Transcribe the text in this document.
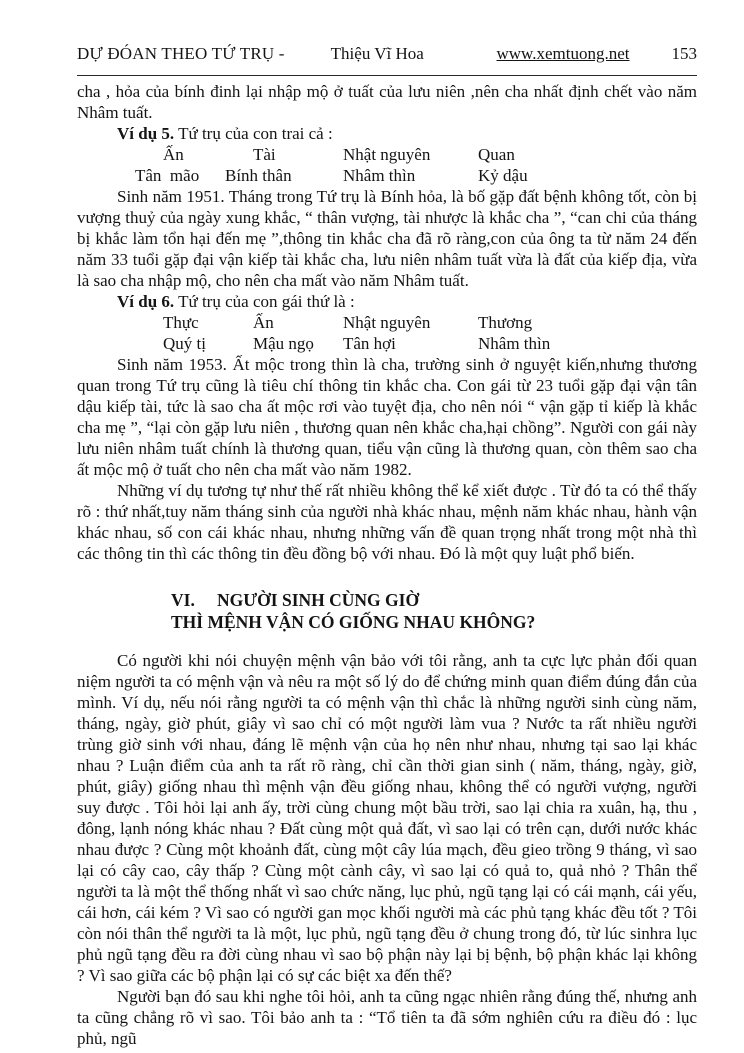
DỰ ĐÓAN THEO TỨ TRỤ -	Thiệu Vĩ Hoa	www.xemtuong.net 153

cha , hỏa của bính đinh lại nhập mộ ở tuất của lưu niên ,nên cha nhất định chết vào năm Nhâm tuất.

Ví dụ 5. Tứ trụ của con trai cả :

Ấn	Tài	Nhật nguyên	Quan
Tân  mão	Bính thân	Nhâm thìn	Kỷ dậu

Sinh năm 1951. Tháng trong Tứ trụ là Bính hỏa, là bố gặp đất bệnh không tốt, còn bị vượng thuỷ của ngày xung khắc, “ thân vượng, tài nhược là khắc cha ”, “can chi của tháng bị khắc làm tổn hại đến mẹ ”,thông tin khắc cha đã rõ ràng,con của ông ta từ năm 24 đến năm 33 tuổi gặp đại vận kiếp tài khắc cha, lưu niên nhâm tuất vừa là đất của kiếp địa, vừa là sao cha nhập mộ, cho nên cha mất vào năm Nhâm tuất.

Ví dụ 6. Tứ trụ của con gái thứ là :

Thực	Ấn	Nhật nguyên	Thương
Quý tị	Mậu ngọ	Tân hợi	Nhâm thìn

Sinh năm 1953. Ất mộc trong thìn là cha, trường sinh ở nguyệt kiến,nhưng thương quan trong Tứ trụ cũng là tiêu chí thông tin khắc cha. Con gái từ 23 tuổi gặp đại vận tân dậu kiếp tài, tức là sao cha ất mộc rơi vào tuyệt địa, cho nên nói “ vận gặp tỉ kiếp là khắc cha mẹ ”, “lại còn gặp lưu niên , thương quan nên khắc cha,hại chồng”. Người con gái này lưu niên nhâm tuất chính là thương quan, tiểu vận cũng là thương quan, còn thêm sao cha ất mộc mộ ở tuất cho nên cha mất vào năm 1982.

Những ví dụ tương tự như thế rất nhiều không thể kể xiết được . Từ đó ta có thể thấy rõ : thứ nhất,tuy năm tháng sinh của người nhà khác nhau, mệnh năm khác nhau, hành vận khác nhau, số con cái khác nhau, nhưng những vấn đề quan trọng nhất trong một nhà thì các thông tin thì các thông tin đều đồng bộ với nhau. Đó là một quy luật phổ biến.

VI. NGƯỜI SINH CÙNG GIỜ
THÌ MỆNH VẬN CÓ GIỐNG NHAU KHÔNG?

Có người khi nói chuyện mệnh vận bảo với tôi rằng, anh ta cực lực phản đối quan niệm người ta có mệnh vận và nêu ra một số lý do để chứng minh quan điểm đúng đắn của mình. Ví dụ, nếu nói rằng người ta có mệnh vận thì chắc là những người sinh cùng năm, tháng, ngày, giờ phút, giây vì sao chỉ có một người làm vua ? Nước ta rất nhiều người trùng giờ sinh với nhau, đáng lẽ mệnh vận của họ nên như nhau, nhưng tại sao lại khác nhau ? Luận điểm của anh ta rất rõ ràng, chỉ cần thời gian sinh ( năm, tháng, ngày, giờ, phút, giây) giống nhau thì mệnh vận đều giống nhau, không thể có người vượng, người suy được . Tôi hỏi lại anh ấy, trời cùng chung một bầu trời, sao lại chia ra xuân, hạ, thu , đông, lạnh nóng khác nhau ? Đất cùng một quả đất, vì sao lại có trên cạn, dưới nước khác nhau được ? Cùng một khoảnh đất, cùng một cây lúa mạch, đều gieo trồng 9 tháng, vì sao lại có cây cao, cây thấp ? Cùng một cành cây, vì sao lại có quả to, quả nhỏ ? Thân thể người ta là một thể thống nhất vì sao chức năng, lục phủ, ngũ tạng lại có cái mạnh, cái yếu, cái hơn, cái kém ? Vì sao có người gan mọc khối người mà các phủ tạng khác đều tốt ? Tôi còn nói thân thể người ta là một, lục phủ, ngũ tạng đều ở chung trong đó, từ lúc sinhra lục phủ ngũ tạng đều ra đời cùng nhau vì sao bộ phận này lại bị bệnh, bộ phận khác lại không ? Vì sao giữa các bộ phận lại có sự các biệt xa đến thế?

Người bạn đó sau khi nghe tôi hỏi, anh ta cũng ngạc nhiên rằng đúng thế, nhưng anh ta cũng chẳng rõ vì sao. Tôi bảo anh ta : “Tổ tiên ta đã sớm nghiên cứu ra điều đó : lục phủ, ngũ
